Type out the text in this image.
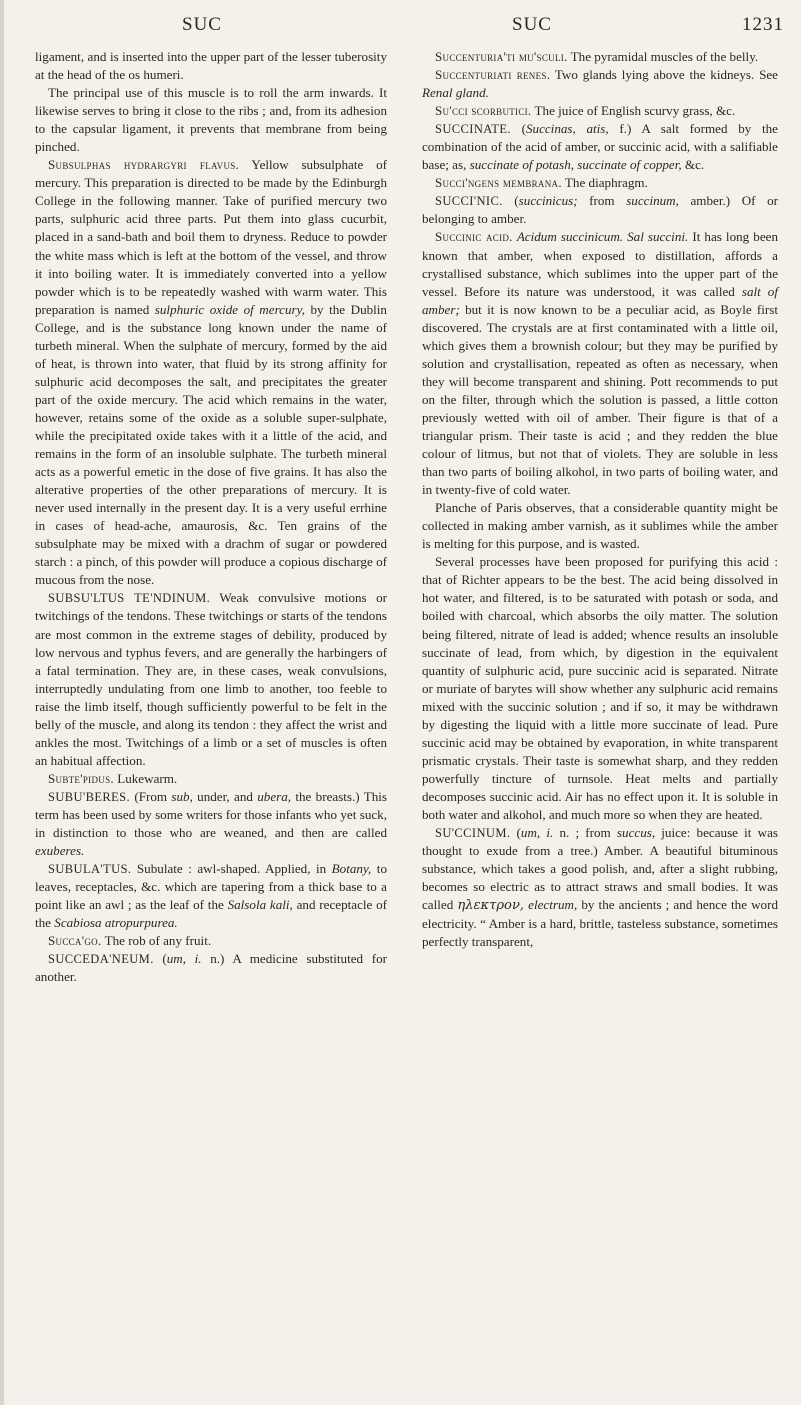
SUC	SUC	1231

ligament, and is inserted into the upper part of the lesser tuberosity at the head of the os humeri.

The principal use of this muscle is to roll the arm inwards. It likewise serves to bring it close to the ribs ; and, from its adhesion to the capsular ligament, it prevents that membrane from being pinched.

Subsulphas hydrargyri flavus. Yellow subsulphate of mercury. This preparation is directed to be made by the Edinburgh College in the following manner. Take of purified mercury two parts, sulphuric acid three parts. Put them into glass cucurbit, placed in a sand-bath and boil them to dryness. Reduce to powder the white mass which is left at the bottom of the vessel, and throw it into boiling water. It is immediately converted into a yellow powder which is to be repeatedly washed with warm water. This preparation is named sulphuric oxide of mercury, by the Dublin College, and is the substance long known under the name of turbeth mineral. When the sulphate of mercury, formed by the aid of heat, is thrown into water, that fluid by its strong affinity for sulphuric acid decomposes the salt, and precipitates the greater part of the oxide mercury. The acid which remains in the water, however, retains some of the oxide as a soluble super-sulphate, while the precipitated oxide takes with it a little of the acid, and remains in the form of an insoluble sulphate. The turbeth mineral acts as a powerful emetic in the dose of five grains. It has also the alterative properties of the other preparations of mercury. It is never used internally in the present day. It is a very useful errhine in cases of head-ache, amaurosis, &c. Ten grains of the subsulphate may be mixed with a drachm of sugar or powdered starch : a pinch, of this powder will produce a copious discharge of mucous from the nose.

SUBSU'LTUS TE'NDINUM. Weak convulsive motions or twitchings of the tendons. These twitchings or starts of the tendons are most common in the extreme stages of debility, produced by low nervous and typhus fevers, and are generally the harbingers of a fatal termination. They are, in these cases, weak convulsions, interruptedly undulating from one limb to another, too feeble to raise the limb itself, though sufficiently powerful to be felt in the belly of the muscle, and along its tendon : they affect the wrist and ankles the most. Twitchings of a limb or a set of muscles is often an habitual affection.

Subte'pidus. Lukewarm.

SUBU'BERES. (From sub, under, and ubera, the breasts.) This term has been used by some writers for those infants who yet suck, in distinction to those who are weaned, and then are called exuberes.

SUBULA'TUS. Subulate : awl-shaped. Applied, in Botany, to leaves, receptacles, &c. which are tapering from a thick base to a point like an awl ; as the leaf of the Salsola kali, and receptacle of the Scabiosa atropurpurea.

Succa'go. The rob of any fruit.

SUCCEDA'NEUM. (um, i. n.) A medicine substituted for another.

Succenturia'ti mu'sculi. The pyramidal muscles of the belly.

Succenturiati renes. Two glands lying above the kidneys. See Renal gland.

Su'cci scorbutici. The juice of English scurvy grass, &c.

SUCCINATE. (Succinas, atis, f.) A salt formed by the combination of the acid of amber, or succinic acid, with a salifiable base; as, succinate of potash, succinate of copper, &c.

Succi'ngens membrana. The diaphragm.

SUCCI'NIC. (succinicus; from succinum, amber.) Of or belonging to amber.

Succinic acid. Acidum succinicum. Sal succini. It has long been known that amber, when exposed to distillation, affords a crystallised substance, which sublimes into the upper part of the vessel. Before its nature was understood, it was called salt of amber; but it is now known to be a peculiar acid, as Boyle first discovered. The crystals are at first contaminated with a little oil, which gives them a brownish colour; but they may be purified by solution and crystallisation, repeated as often as necessary, when they will become transparent and shining. Pott recommends to put on the filter, through which the solution is passed, a little cotton previously wetted with oil of amber. Their figure is that of a triangular prism. Their taste is acid ; and they redden the blue colour of litmus, but not that of violets. They are soluble in less than two parts of boiling alkohol, in two parts of boiling water, and in twenty-five of cold water.

Planche of Paris observes, that a considerable quantity might be collected in making amber varnish, as it sublimes while the amber is melting for this purpose, and is wasted.

Several processes have been proposed for purifying this acid : that of Richter appears to be the best. The acid being dissolved in hot water, and filtered, is to be saturated with potash or soda, and boiled with charcoal, which absorbs the oily matter. The solution being filtered, nitrate of lead is added; whence results an insoluble succinate of lead, from which, by digestion in the equivalent quantity of sulphuric acid, pure succinic acid is separated. Nitrate or muriate of barytes will show whether any sulphuric acid remains mixed with the succinic solution ; and if so, it may be withdrawn by digesting the liquid with a little more succinate of lead. Pure succinic acid may be obtained by evaporation, in white transparent prismatic crystals. Their taste is somewhat sharp, and they redden powerfully tincture of turnsole. Heat melts and partially decomposes succinic acid. Air has no effect upon it. It is soluble in both water and alkohol, and much more so when they are heated.

SU'CCINUM. (um, i. n. ; from succus, juice: because it was thought to exude from a tree.) Amber. A beautiful bituminous substance, which takes a good polish, and, after a slight rubbing, becomes so electric as to attract straws and small bodies. It was called ηλεκτρον, electrum, by the ancients ; and hence the word electricity. “ Amber is a hard, brittle, tasteless substance, sometimes perfectly transparent,
